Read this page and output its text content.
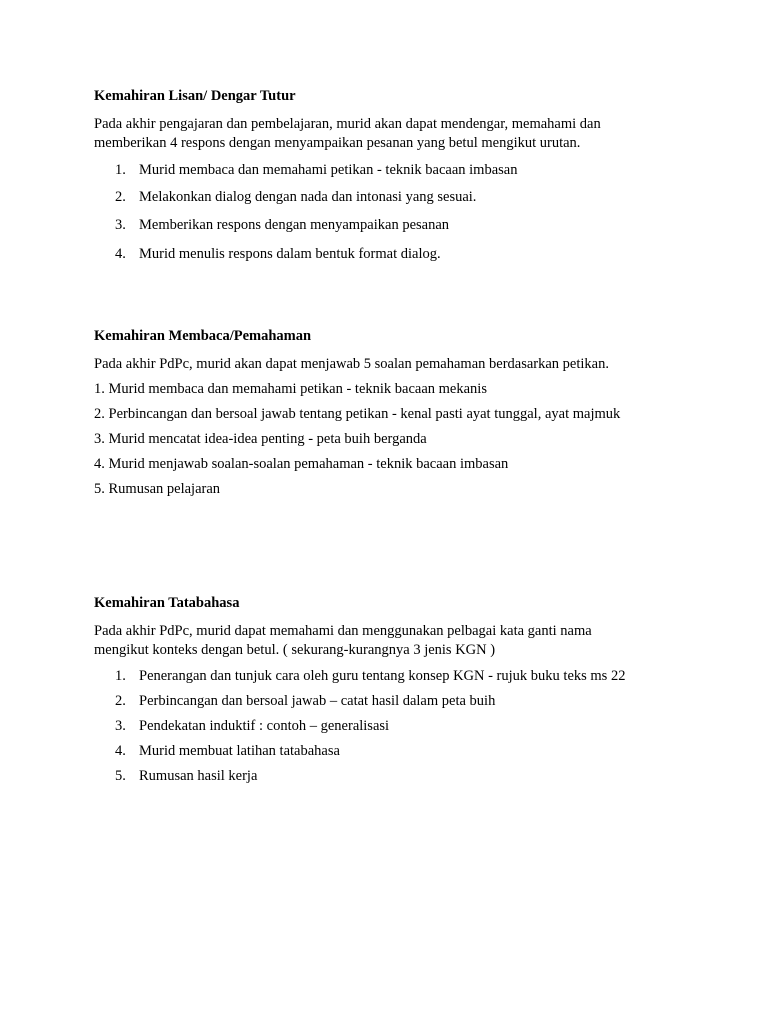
Kemahiran Lisan/ Dengar Tutur

Pada akhir pengajaran dan pembelajaran, murid akan dapat mendengar, memahami dan

memberikan 4 respons dengan menyampaikan pesanan yang betul mengikut urutan.

1. Murid membaca dan memahami petikan - teknik bacaan imbasan
2. Melakonkan dialog dengan nada dan intonasi yang sesuai.
3. Memberikan respons dengan menyampaikan pesanan
4. Murid menulis respons dalam bentuk format dialog.

Kemahiran Membaca/Pemahaman

Pada akhir PdPc, murid akan dapat menjawab 5 soalan pemahaman berdasarkan petikan.

1. Murid membaca dan memahami petikan - teknik bacaan mekanis
2. Perbincangan dan bersoal jawab tentang petikan - kenal pasti ayat tunggal, ayat majmuk
3. Murid mencatat idea-idea penting - peta buih berganda
4. Murid menjawab soalan-soalan pemahaman - teknik bacaan imbasan
5. Rumusan pelajaran

Kemahiran Tatabahasa

Pada akhir PdPc, murid dapat memahami dan menggunakan pelbagai kata ganti nama

mengikut konteks dengan betul. ( sekurang-kurangnya 3 jenis KGN )

1. Penerangan dan tunjuk cara oleh guru tentang konsep KGN - rujuk buku teks ms 22
2. Perbincangan dan bersoal jawab – catat hasil dalam peta buih
3. Pendekatan induktif : contoh – generalisasi
4. Murid membuat latihan tatabahasa
5. Rumusan hasil kerja
